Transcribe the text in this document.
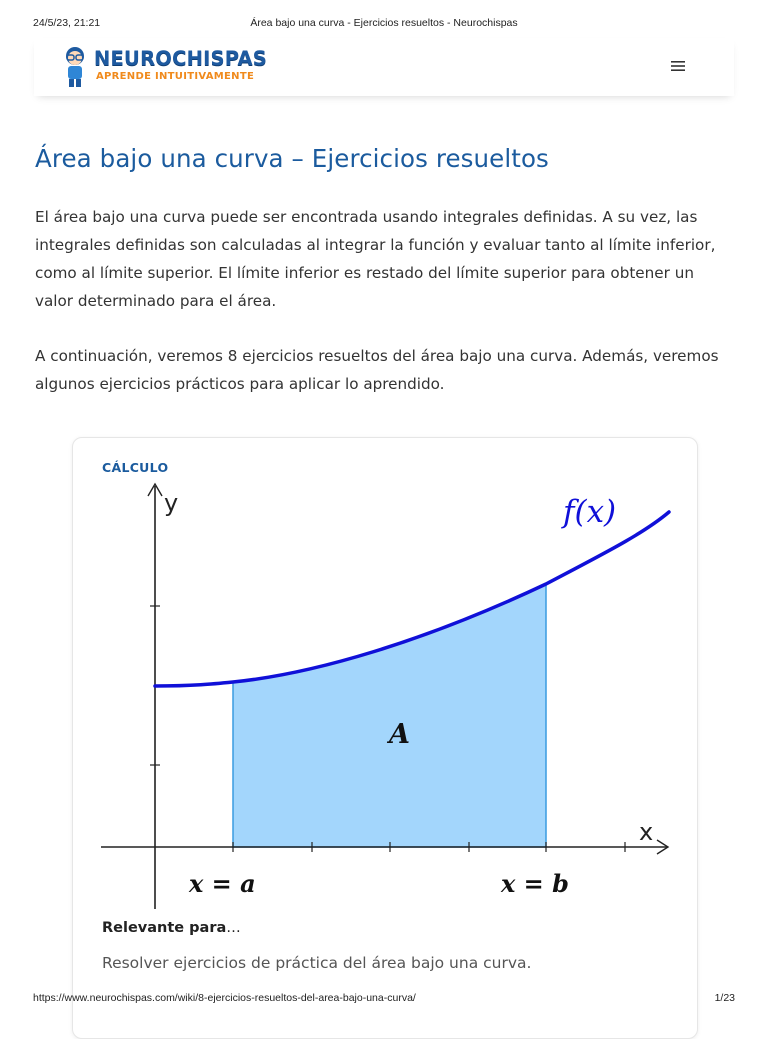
24/5/23, 21:21	Área bajo una curva - Ejercicios resueltos - Neurochispas
NEUROCHISPAS
APRENDE INTUITIVAMENTE
Área bajo una curva – Ejercicios resueltos

El área bajo una curva puede ser encontrada usando integrales definidas. A su vez, las integrales definidas son calculadas al integrar la función y evaluar tanto al límite inferior, como al límite superior. El límite inferior es restado del límite superior para obtener un valor determinado para el área.

A continuación, veremos 8 ejercicios resueltos del área bajo una curva. Además, veremos algunos ejercicios prácticos para aplicar lo aprendido.

CÁLCULO
y
x
f(x)
A
x = a	x = b
Relevante para…
Resolver ejercicios de práctica del área bajo una curva.
https://www.neurochispas.com/wiki/8-ejercicios-resueltos-del-area-bajo-una-curva/	1/23
